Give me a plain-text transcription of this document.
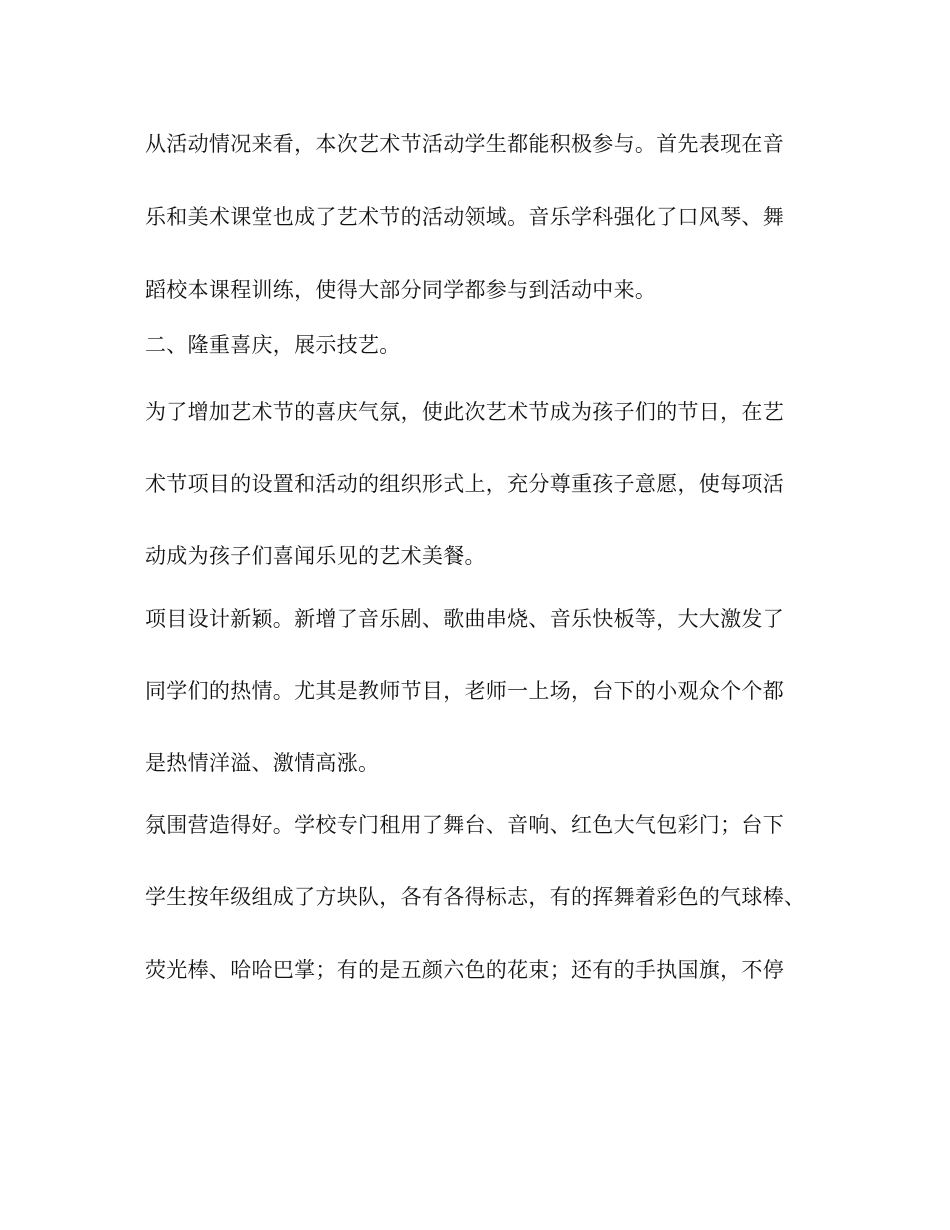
从活动情况来看，本次艺术节活动学生都能积极参与。首先表现在音
乐和美术课堂也成了艺术节的活动领域。音乐学科强化了口风琴、舞
蹈校本课程训练，使得大部分同学都参与到活动中来。
二、隆重喜庆，展示技艺。
为了增加艺术节的喜庆气氛，使此次艺术节成为孩子们的节日，在艺
术节项目的设置和活动的组织形式上，充分尊重孩子意愿，使每项活
动成为孩子们喜闻乐见的艺术美餐。
项目设计新颖。新增了音乐剧、歌曲串烧、音乐快板等，大大激发了
同学们的热情。尤其是教师节目，老师一上场，台下的小观众个个都
是热情洋溢、激情高涨。
氛围营造得好。学校专门租用了舞台、音响、红色大气包彩门；台下
学生按年级组成了方块队，各有各得标志，有的挥舞着彩色的气球棒、
荧光棒、哈哈巴掌；有的是五颜六色的花束；还有的手执国旗，不停
